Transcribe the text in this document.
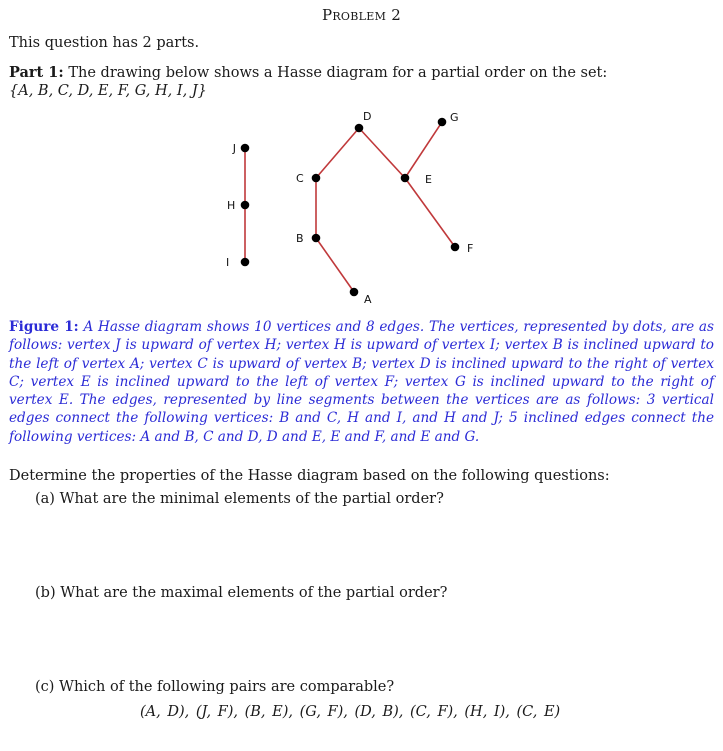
Problem 2
This question has 2 parts.
Part 1: The drawing below shows a Hasse diagram for a partial order on the set:
{A, B, C, D, E, F, G, H, I, J}
A
B
C
D
E
F
G
H
I
J
Figure 1: A Hasse diagram shows 10 vertices and 8 edges. The vertices, represented by dots, are as follows: vertex J is upward of vertex H; vertex H is upward of vertex I; vertex B is inclined upward to the left of vertex A; vertex C is upward of vertex B; vertex D is inclined upward to the right of vertex C; vertex E is inclined upward to the left of vertex F; vertex G is inclined upward to the right of vertex E. The edges, represented by line segments between the vertices are as follows: 3 vertical edges connect the following vertices: B and C, H and I, and H and J; 5 inclined edges connect the following vertices: A and B, C and D, D and E, E and F, and E and G.
Determine the properties of the Hasse diagram based on the following questions:
(a) What are the minimal elements of the partial order?
(b) What are the maximal elements of the partial order?
(c) Which of the following pairs are comparable?
(A, D), (J, F), (B, E), (G, F), (D, B), (C, F), (H, I), (C, E)
